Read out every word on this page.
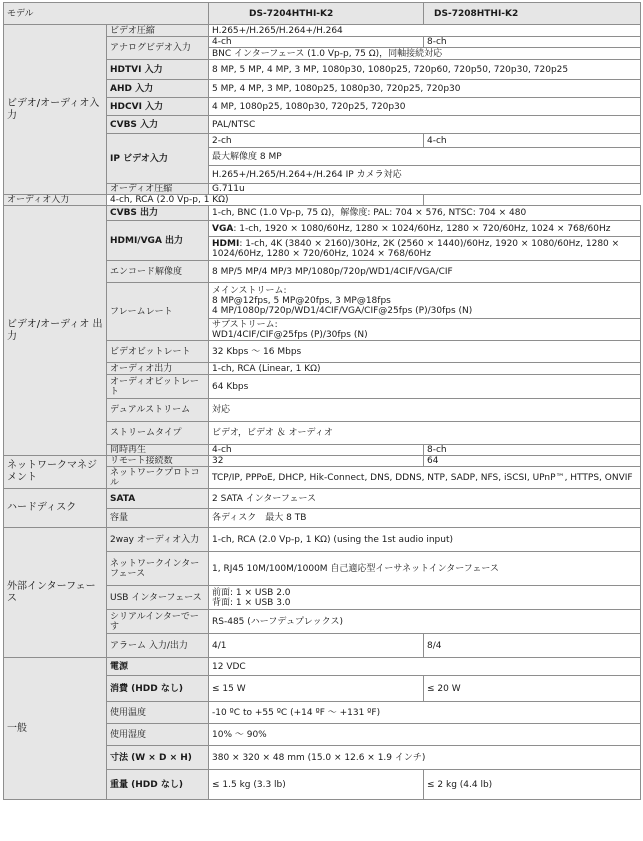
モデル		DS-7204HTHI-K2	DS-7208HTHI-K2
ビデオ/オーディオ入力	ビデオ圧縮	H.265+/H.265/H.264+/H.264	
	アナログビデオ入力	4-ch	8-ch
		BNC インターフェース (1.0 Vp-p, 75 Ω)，同軸接続対応	
	HDTVI 入力	8 MP, 5 MP, 4 MP, 3 MP, 1080p30, 1080p25, 720p60, 720p50, 720p30, 720p25	
	AHD 入力	5 MP, 4 MP, 3 MP, 1080p25, 1080p30, 720p25, 720p30	
	HDCVI 入力	4 MP, 1080p25, 1080p30, 720p25, 720p30	
	CVBS 入力	PAL/NTSC	
	IP ビデオ入力	2-ch	4-ch
		最大解像度 8 MP	
		H.265+/H.265/H.264+/H.264 IP カメラ対応	
	オーディオ圧縮	G.711u	
オーディオ入力	4-ch, RCA (2.0 Vp-p, 1 KΩ)		
ビデオ/オーディオ 出力	CVBS 出力	1-ch, BNC (1.0 Vp-p, 75 Ω)，解像度: PAL: 704 × 576, NTSC: 704 × 480	
	HDMI/VGA 出力	VGA: 1-ch, 1920 × 1080/60Hz, 1280 × 1024/60Hz, 1280 × 720/60Hz, 1024 × 768/60Hz	
		HDMI: 1-ch, 4K (3840 × 2160)/30Hz, 2K (2560 × 1440)/60Hz, 1920 × 1080/60Hz, 1280 × 1024/60Hz, 1280 × 720/60Hz, 1024 × 768/60Hz	
	エンコード解像度	8 MP/5 MP/4 MP/3 MP/1080p/720p/WD1/4CIF/VGA/CIF	
	フレームレート	メインストリーム:
8 MP@12fps, 5 MP@20fps, 3 MP@18fps
4 MP/1080p/720p/WD1/4CIF/VGA/CIF@25fps (P)/30fps (N)	

		サブストリーム:
WD1/4CIF/CIF@25fps (P)/30fps (N)	

	ビデオビットレート	32 Kbps 〜 16 Mbps	
	オーディオ出力	1-ch, RCA (Linear, 1 KΩ)	
	オーディオビットレート	64 Kbps	
	デュアルストリーム	対応	
	ストリームタイプ	ビデオ，ビデオ ＆ オーディオ	
	同時再生	4-ch	8-ch
ネットワークマネジメント	リモート接続数	32	64
	ネットワークプロトコル	TCP/IP, PPPoE, DHCP, Hik-Connect, DNS, DDNS, NTP, SADP, NFS, iSCSI, UPnP™, HTTPS, ONVIF	
ハードディスク	SATA	2 SATA インターフェース	
	容量	各ディスク　最大 8 TB	
外部インターフェース	2way オーディオ入力	1-ch, RCA (2.0 Vp-p, 1 KΩ) (using the 1st audio input)	
	ネットワークインターフェース	1, RJ45 10M/100M/1000M 自己適応型イーサネットインターフェース	
	USB インターフェース	前面: 1 × USB 2.0
背面: 1 × USB 3.0	

	シリアルインターでーす	RS-485 (ハーフデュプレックス)	
	アラーム 入力/出力	4/1	8/4
一般	電源	12 VDC	
	消費 (HDD なし)	≤ 15 W	≤ 20 W
	使用温度	-10 ºC to +55 ºC (+14 ºF 〜 +131 ºF)	
	使用湿度	10% 〜 90%	
	寸法 (W × D × H)	380 × 320 × 48 mm (15.0 × 12.6 × 1.9 インチ)	
	重量 (HDD なし)	≤ 1.5 kg (3.3 lb)	≤ 2 kg (4.4 lb)
